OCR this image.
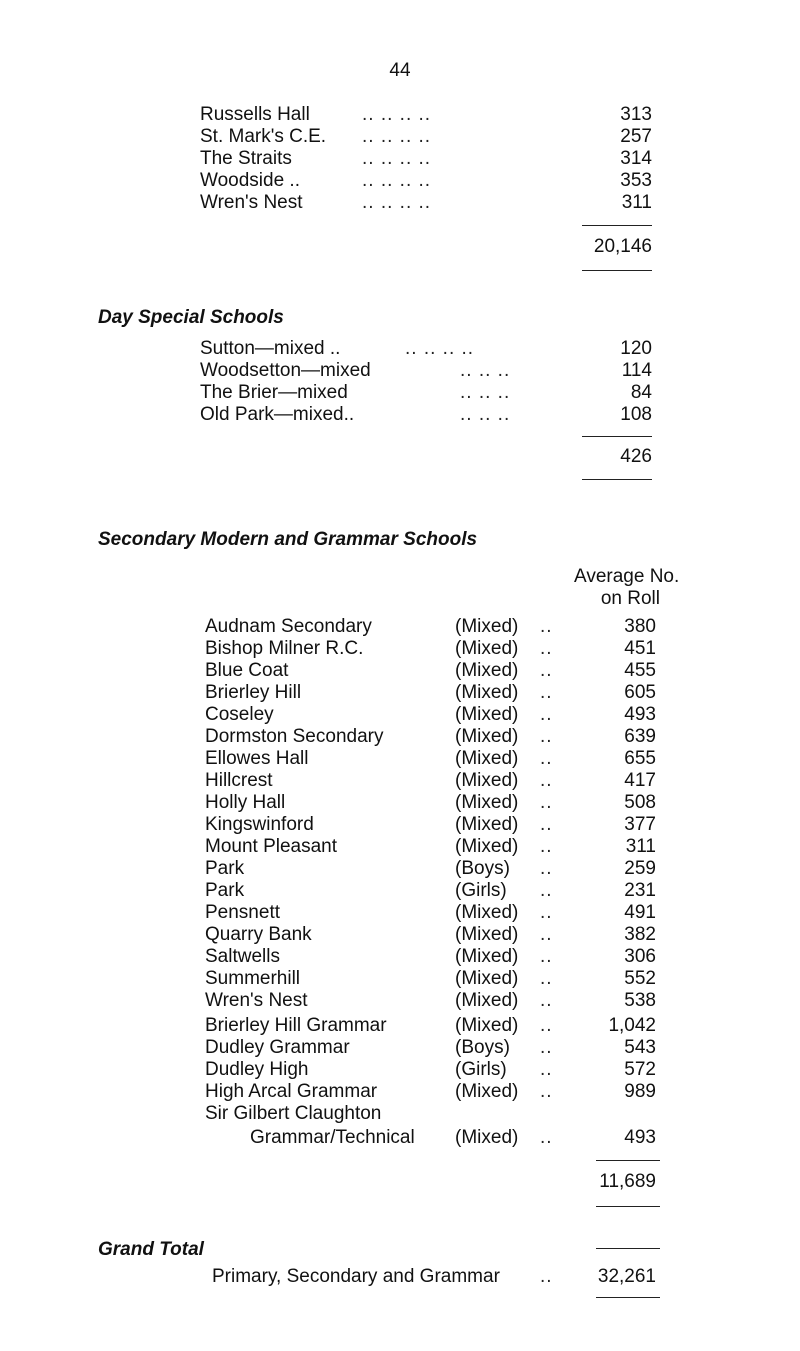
44
Russells Hall	.. .. .. ..	313
St. Mark's C.E. .. .. .. ..	257
The Straits	.. .. .. ..	314
Woodside ..	.. .. .. ..	353
Wren's Nest	.. .. .. ..	311
20,146
Day Special Schools
Sutton—mixed ..	.. .. .. ..	120
Woodsetton—mixed	.. .. ..	114
The Brier—mixed	.. .. ..	84
Old Park—mixed..	.. .. ..	108
426
Secondary Modern and Grammar Schools
Average No.
on Roll
Audnam Secondary	(Mixed) ..	380
Bishop Milner R.C.	(Mixed) ..	451
Blue Coat	(Mixed) ..	455
Brierley Hill	(Mixed) ..	605
Coseley	(Mixed) ..	493
Dormston Secondary	(Mixed) ..	639
Ellowes Hall	(Mixed) ..	655
Hillcrest	(Mixed) ..	417
Holly Hall	(Mixed) ..	508
Kingswinford	(Mixed) ..	377
Mount Pleasant	(Mixed) ..	311
Park	(Boys) ..	259
Park	(Girls) ..	231
Pensnett	(Mixed) ..	491
Quarry Bank	(Mixed) ..	382
Saltwells	(Mixed) ..	306
Summerhill	(Mixed) ..	552
Wren's Nest	(Mixed) ..	538
Brierley Hill Grammar	(Mixed) ..	1,042
Dudley Grammar	(Boys) ..	543
Dudley High	(Girls) ..	572
High Arcal Grammar	(Mixed) ..	989
Sir Gilbert Claughton
Grammar/Technical (Mixed) ..	493
11,689
Grand Total
Primary, Secondary and Grammar ..	32,261
